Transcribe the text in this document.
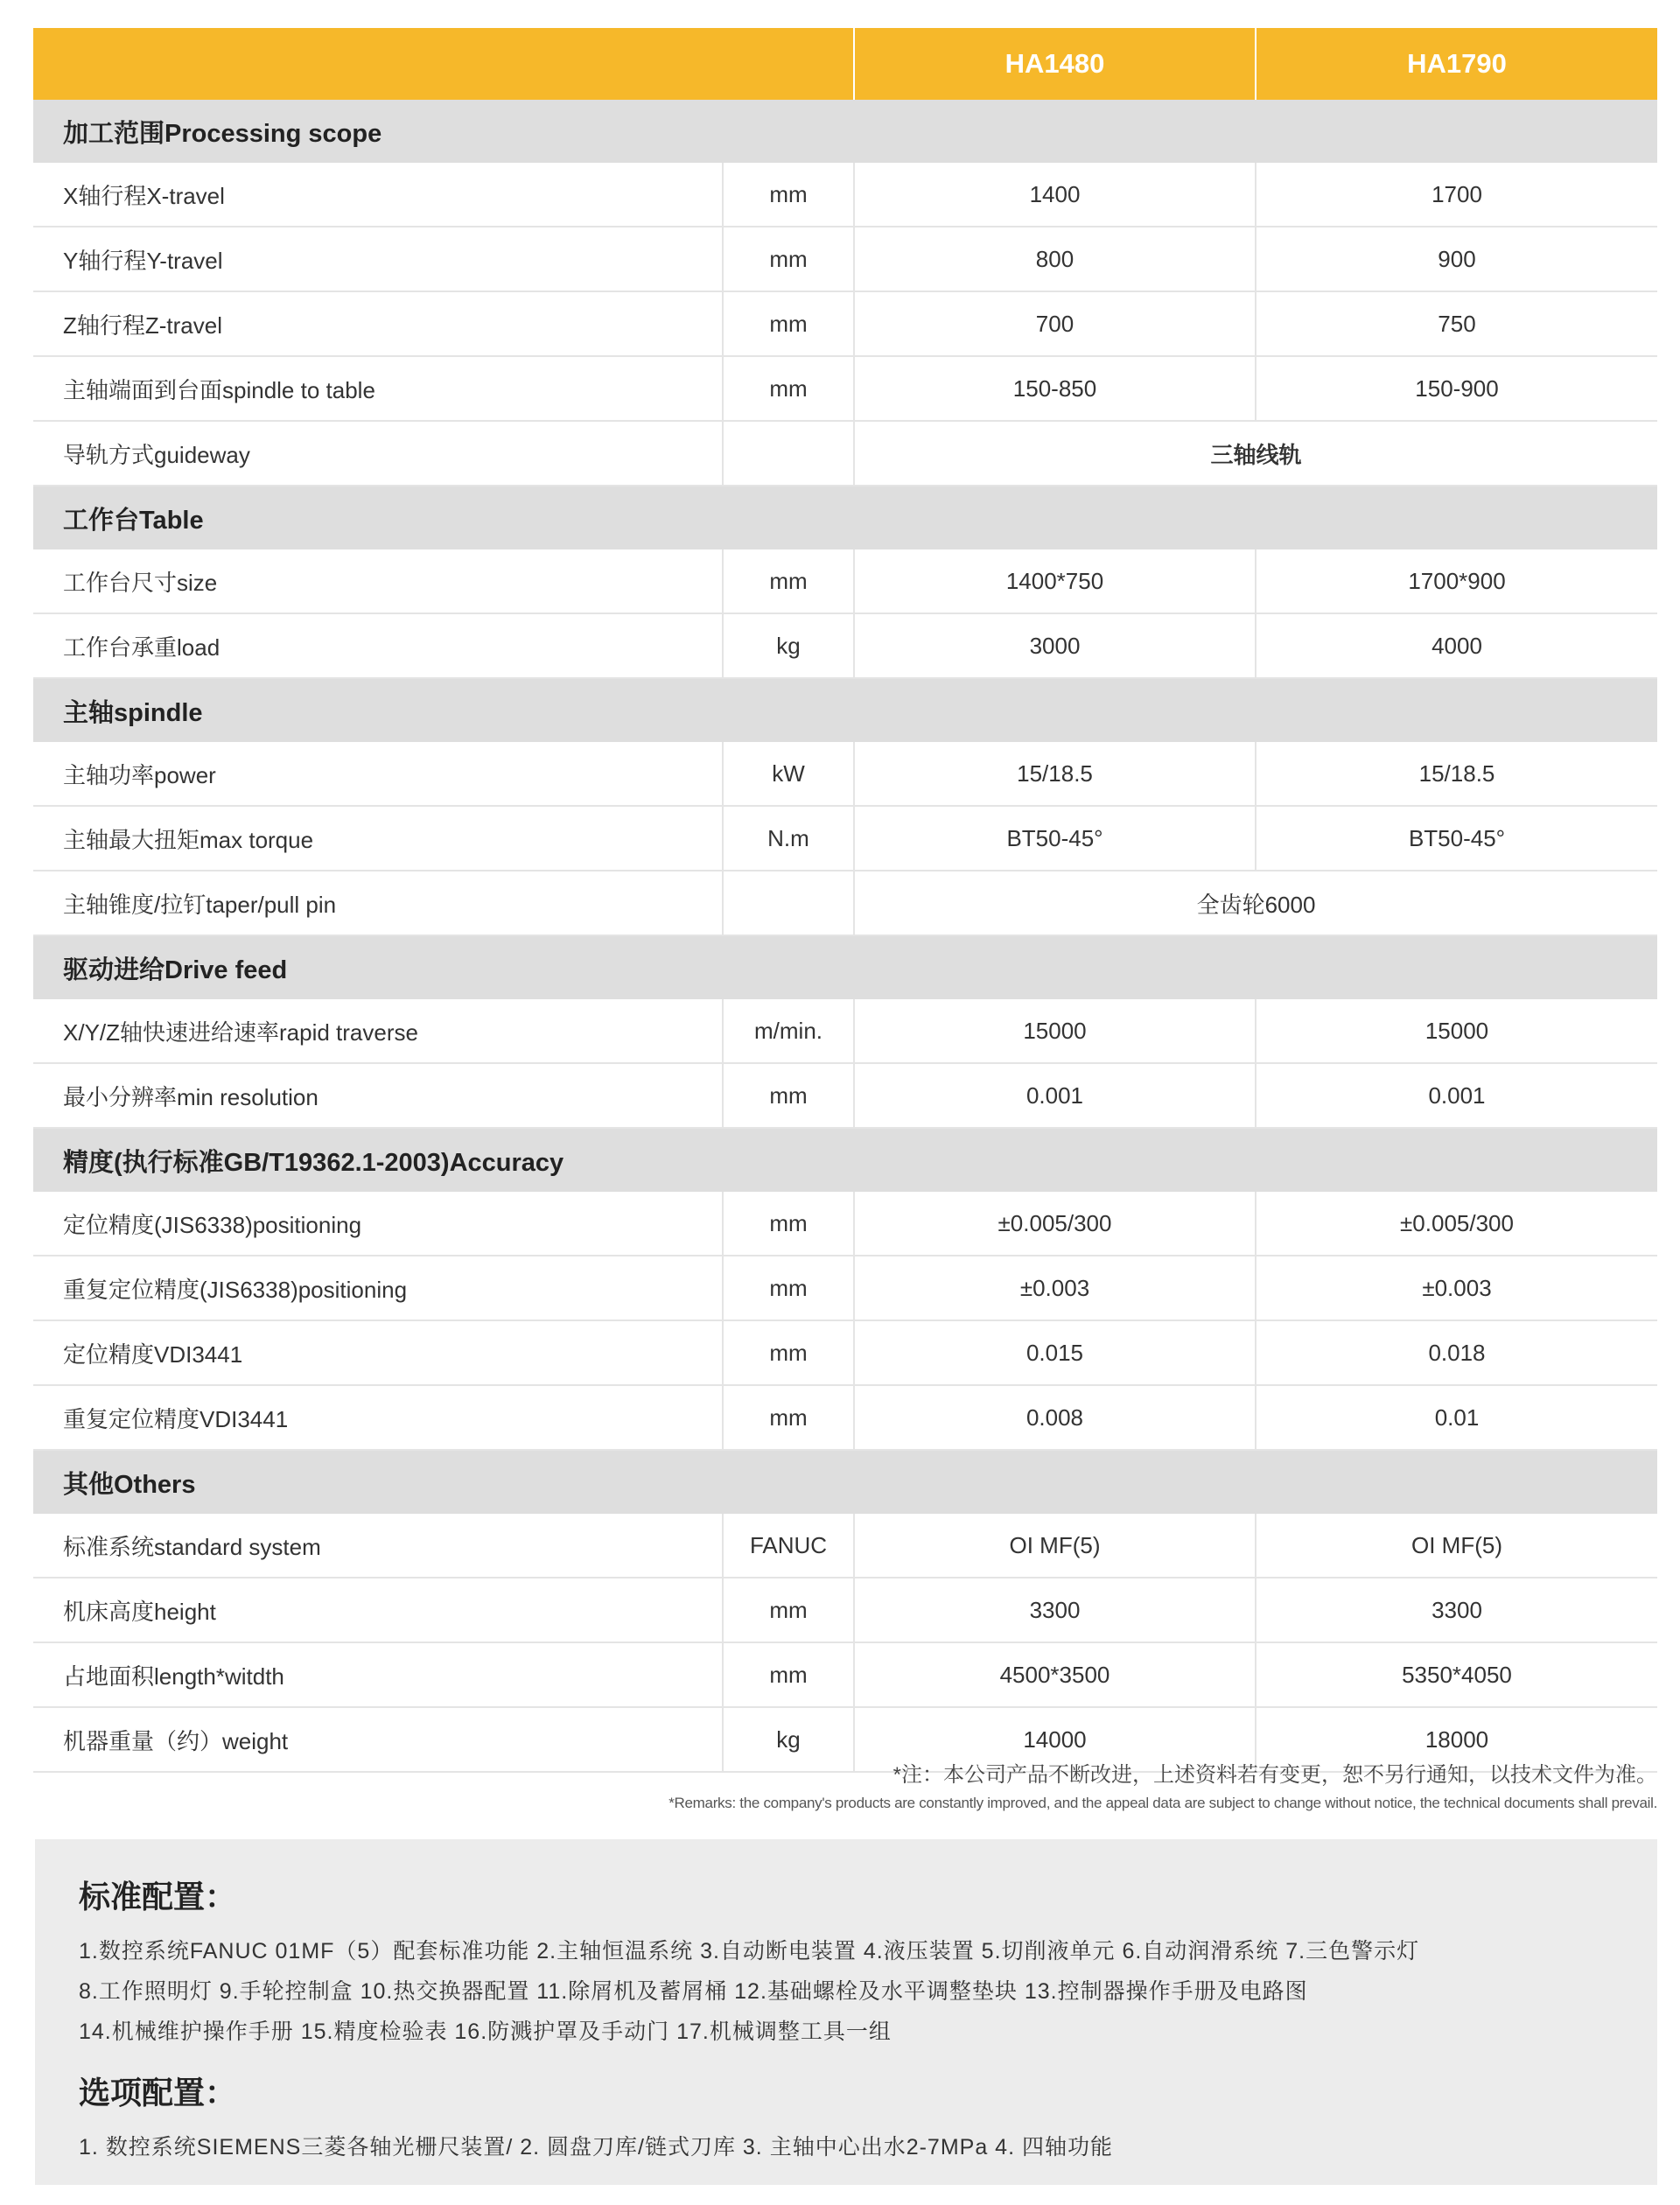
		HA1480	HA1790
加工范围Processing scope			
X轴行程X-travel	mm	1400	1700
Y轴行程Y-travel	mm	800	900
Z轴行程Z-travel	mm	700	750
主轴端面到台面spindle to table	mm	150-850	150-900
导轨方式guideway		三轴线轨	
工作台Table			
工作台尺寸size	mm	1400*750	1700*900
工作台承重load	kg	3000	4000
主轴spindle			
主轴功率power	kW	15/18.5	15/18.5
主轴最大扭矩max torque	N.m	BT50-45°	BT50-45°
主轴锥度/拉钉taper/pull pin		全齿轮6000	
驱动进给Drive feed			
X/Y/Z轴快速进给速率rapid traverse	m/min.	15000	15000
最小分辨率min resolution	mm	0.001	0.001
精度(执行标准GB/T19362.1-2003)Accuracy			
定位精度(JIS6338)positioning	mm	±0.005/300	±0.005/300
重复定位精度(JIS6338)positioning	mm	±0.003	±0.003
定位精度VDI3441	mm	0.015	0.018
重复定位精度VDI3441	mm	0.008	0.01
其他Others			
标准系统standard system	FANUC	OI MF(5)	OI MF(5)
机床高度height	mm	3300	3300
占地面积length*witdth	mm	4500*3500	5350*4050
机器重量（约）weight	kg	14000	18000
*注：本公司产品不断改进，上述资料若有变更，恕不另行通知，以技术文件为准。
*Remarks: the company's products are constantly improved, and the appeal data are subject to change without notice, the technical documents shall prevail.
标准配置：
1.数控系统FANUC 01MF（5）配套标准功能 2.主轴恒温系统 3.自动断电装置 4.液压装置 5.切削液单元 6.自动润滑系统 7.三色警示灯
8.工作照明灯 9.手轮控制盒 10.热交换器配置 11.除屑机及蓄屑桶 12.基础螺栓及水平调整垫块 13.控制器操作手册及电路图
14.机械维护操作手册 15.精度检验表 16.防溅护罩及手动门 17.机械调整工具一组
选项配置：
1. 数控系统SIEMENS三菱各轴光栅尺装置/ 2. 圆盘刀库/链式刀库 3. 主轴中心出水2-7MPa 4. 四轴功能
